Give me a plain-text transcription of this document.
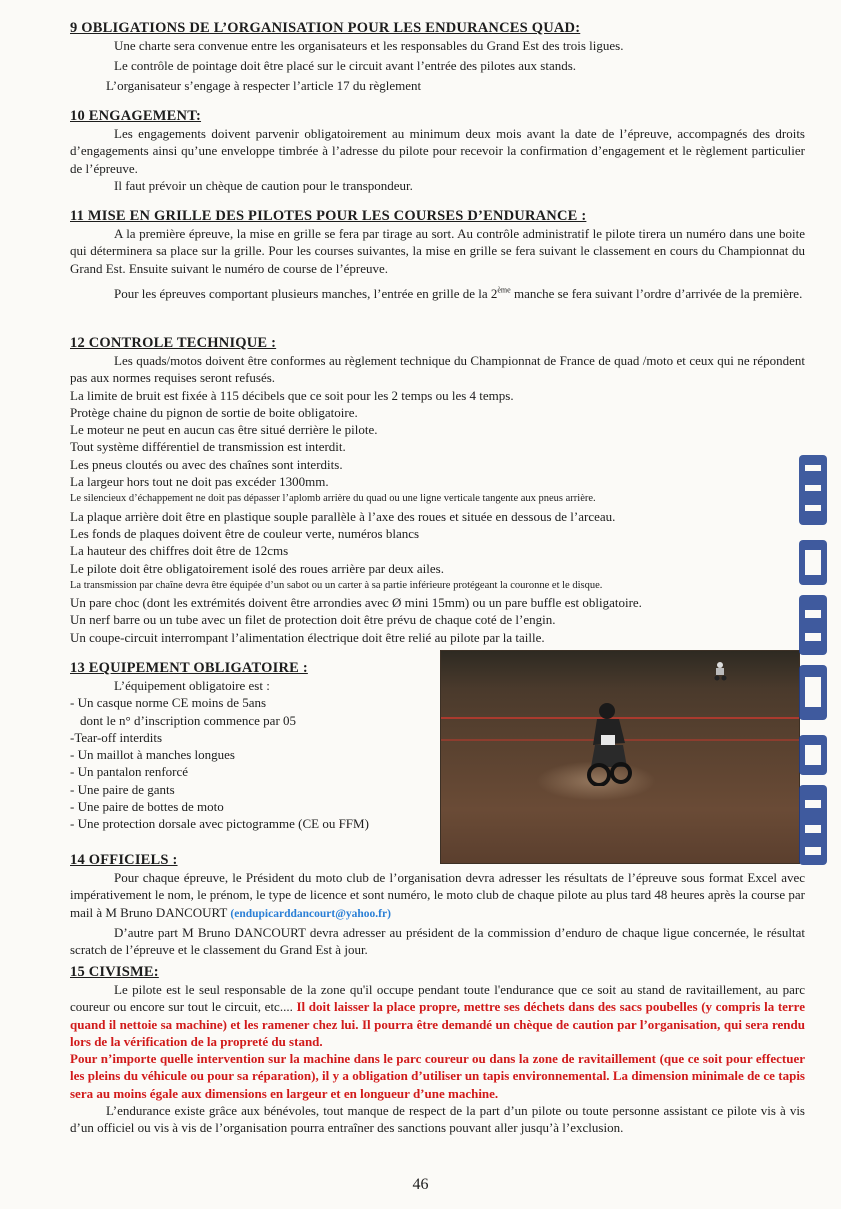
9 OBLIGATIONS DE L’ORGANISATION POUR LES ENDURANCES QUAD:

Une charte sera convenue entre les organisateurs et les responsables du Grand Est des trois ligues.

Le contrôle de pointage doit être placé sur le circuit avant l’entrée des pilotes aux stands.

L’organisateur s’engage à respecter l’article 17 du règlement

10 ENGAGEMENT:

Les engagements doivent parvenir obligatoirement au minimum deux mois avant la date de l’épreuve, accompagnés des droits d’engagements ainsi qu’une enveloppe timbrée à l’adresse du pilote pour recevoir la confirmation d’engagement et le règlement particulier de l’épreuve.

Il faut prévoir un chèque de caution pour le transpondeur.

11 MISE EN GRILLE DES PILOTES POUR LES COURSES D’ENDURANCE :

A la première épreuve, la mise en grille se fera par tirage au sort. Au contrôle administratif le pilote tirera un numéro dans une boite qui déterminera sa place sur la grille. Pour les courses suivantes, la mise en grille se fera suivant le classement en cours du Championnat du Grand Est. Ensuite suivant le numéro de course de l’épreuve.

Pour les épreuves comportant plusieurs manches, l’entrée en grille de la 2ème manche se fera suivant l’ordre d’arrivée de la première.

12 CONTROLE TECHNIQUE :

Les quads/motos doivent être conformes au règlement technique du Championnat de France de quad /moto et ceux qui ne répondent pas aux normes requises seront refusés.

La limite de bruit est fixée à 115 décibels que ce soit pour les 2 temps ou les 4 temps.

Protège chaine du pignon de sortie de boite obligatoire.

Le moteur ne peut en aucun cas être situé derrière le pilote.

Tout système différentiel de transmission est interdit.

Les pneus cloutés ou avec des chaînes sont interdits.

La largeur hors tout ne doit pas excéder 1300mm.

Le silencieux d’échappement ne doit pas dépasser l’aplomb arrière du quad ou une ligne verticale tangente aux pneus arrière.

La plaque arrière doit être en plastique souple parallèle à l’axe des roues et située en dessous de l’arceau.

Les fonds de plaques doivent être de couleur verte, numéros blancs

La hauteur des chiffres doit être de 12cms

Le pilote doit être obligatoirement isolé des roues arrière par deux ailes.

La transmission par chaîne devra être équipée d’un sabot ou un carter à sa partie inférieure protégeant la couronne et le disque.

Un pare choc (dont les extrémités doivent être arrondies avec Ø mini 15mm) ou un pare buffle est obligatoire.

Un nerf barre ou un tube avec un filet de protection doit être prévu de chaque coté de l’engin.

Un coupe-circuit interrompant l’alimentation électrique doit être relié au pilote par la taille.

13 EQUIPEMENT OBLIGATOIRE :

L’équipement obligatoire est :

- Un casque norme CE moins de 5ans

dont le n° d’inscription commence par 05

-Tear-off interdits

- Un maillot à manches longues

- Un pantalon renforcé

- Une paire de gants

- Une paire de bottes de moto

- Une protection dorsale avec pictogramme (CE ou FFM)

14 OFFICIELS :

Pour chaque épreuve, le Président du moto club de l’organisation devra adresser les résultats de l’épreuve sous format Excel avec impérativement le nom, le prénom, le type de licence et sont numéro, le moto club de chaque pilote au plus tard 48 heures après la course par mail à M Bruno DANCOURT (endupicarddancourt@yahoo.fr)

D’autre part M Bruno DANCOURT devra adresser au président de la commission d’enduro de chaque ligue concernée, le résultat scratch de l’épreuve et le classement du Grand Est à jour.

15 CIVISME:

Le pilote est le seul responsable de la zone qu'il occupe pendant toute l'endurance que ce soit au stand de ravitaillement, au parc coureur ou encore sur tout le circuit, etc.... Il doit laisser la place propre, mettre ses déchets dans des sacs poubelles (y compris la terre quand il nettoie sa machine) et les ramener chez lui. Il pourra être demandé un chèque de caution par l’organisation, qui sera rendu lors de la vérification de la propreté du stand.

Pour n’importe quelle intervention sur la machine dans le parc coureur ou dans la zone de ravitaillement (que ce soit pour effectuer les pleins du véhicule ou pour sa réparation), il y a obligation d’utiliser un tapis environnemental. La dimension minimale de ce tapis sera au moins égale aux dimensions en largeur et en longueur d’une machine.

L’endurance existe grâce aux bénévoles, tout manque de respect de la part d’un pilote ou toute personne assistant ce pilote vis à vis d’un officiel ou vis à vis de l’organisation pourra entraîner des sanctions pouvant aller jusqu’à l’exclusion.

46
